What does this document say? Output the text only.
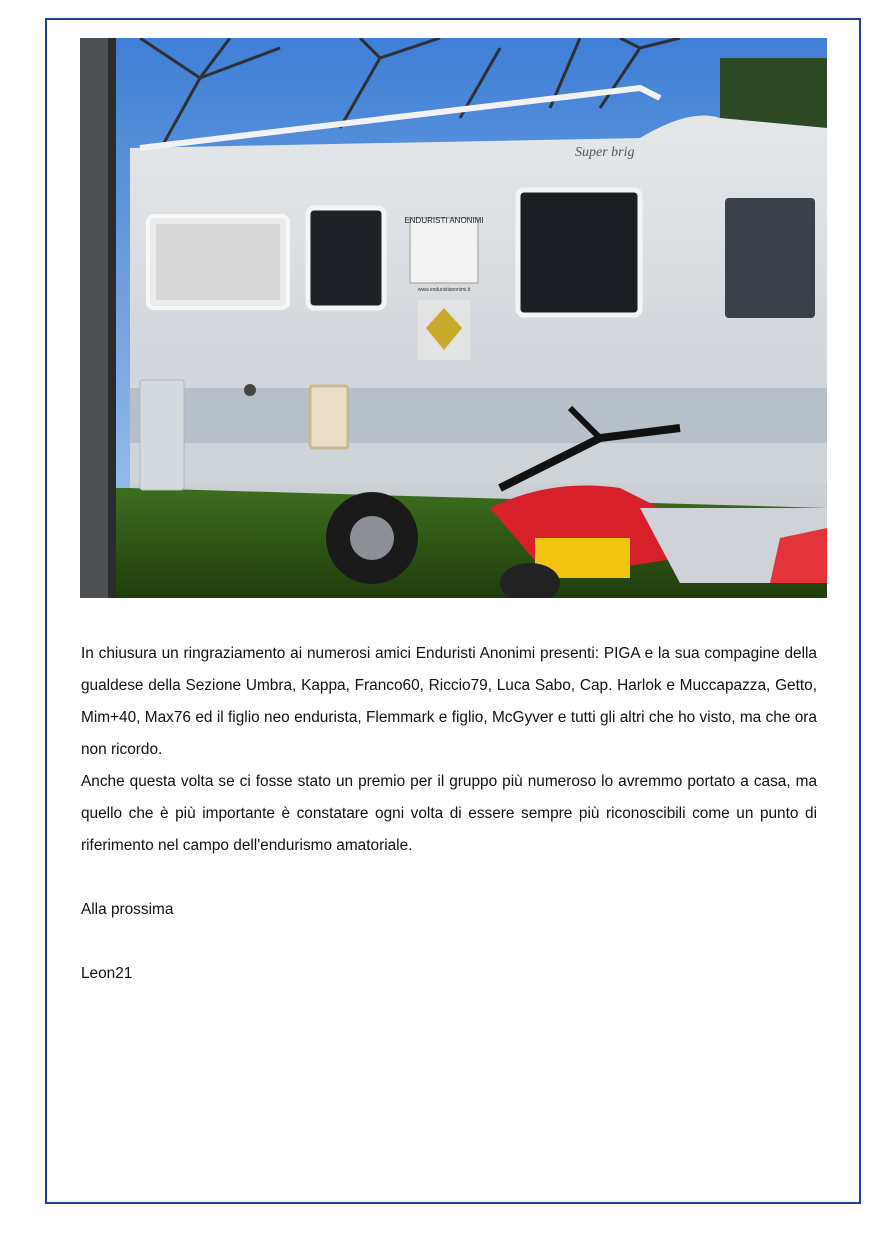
ENDURISTI ANONIMI
www.enduristianonimi.it
Super brig

In chiusura un ringraziamento ai numerosi amici Enduristi Anonimi presenti: PIGA e la sua compagine della gualdese della Sezione Umbra, Kappa, Franco60, Riccio79, Luca Sabo, Cap. Harlok e Muccapazza, Getto, Mim+40, Max76 ed il figlio neo endurista, Flemmark e figlio, McGyver e tutti gli altri che ho visto, ma che ora non ricordo.

Anche questa volta se ci fosse stato un premio per il gruppo più numeroso lo avremmo portato a casa, ma quello che è più importante è constatare ogni volta di essere sempre più riconoscibili come un punto di riferimento nel campo dell'endurismo amatoriale.

Alla prossima

Leon21
